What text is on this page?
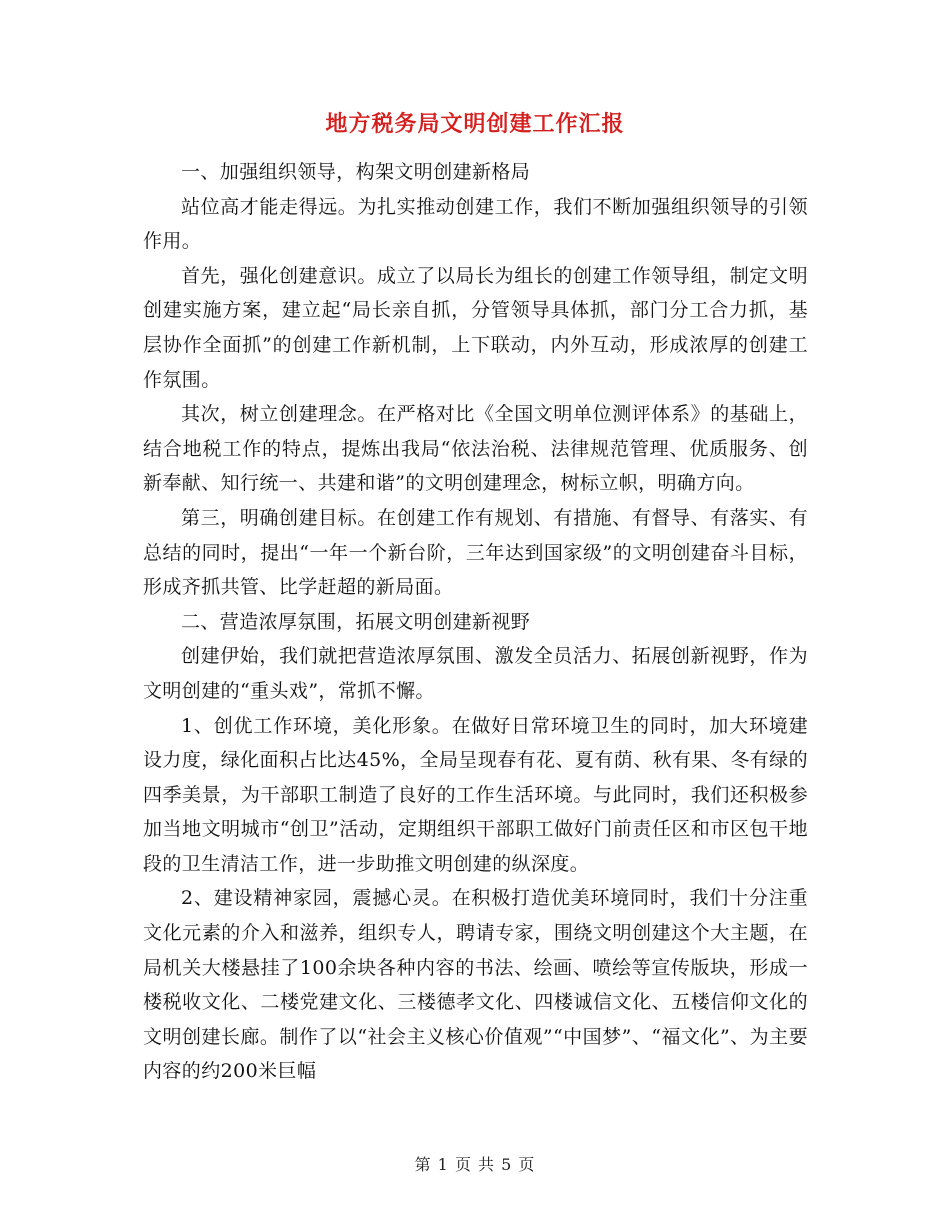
地方税务局文明创建工作汇报

一、加强组织领导，构架文明创建新格局

站位高才能走得远。为扎实推动创建工作，我们不断加强组织领导的引领作用。

首先，强化创建意识。成立了以局长为组长的创建工作领导组，制定文明创建实施方案，建立起“局长亲自抓，分管领导具体抓，部门分工合力抓，基层协作全面抓”的创建工作新机制，上下联动，内外互动，形成浓厚的创建工作氛围。

其次，树立创建理念。在严格对比《全国文明单位测评体系》的基础上，结合地税工作的特点，提炼出我局“依法治税、法律规范管理、优质服务、创新奉献、知行统一、共建和谐”的文明创建理念，树标立帜，明确方向。

第三，明确创建目标。在创建工作有规划、有措施、有督导、有落实、有总结的同时，提出“一年一个新台阶，三年达到国家级”的文明创建奋斗目标，形成齐抓共管、比学赶超的新局面。

二、营造浓厚氛围，拓展文明创建新视野

创建伊始，我们就把营造浓厚氛围、激发全员活力、拓展创新视野，作为文明创建的“重头戏”，常抓不懈。

1、创优工作环境，美化形象。在做好日常环境卫生的同时，加大环境建设力度，绿化面积占比达45%，全局呈现春有花、夏有荫、秋有果、冬有绿的四季美景，为干部职工制造了良好的工作生活环境。与此同时，我们还积极参加当地文明城市“创卫”活动，定期组织干部职工做好门前责任区和市区包干地段的卫生清洁工作，进一步助推文明创建的纵深度。

2、建设精神家园，震撼心灵。在积极打造优美环境同时，我们十分注重文化元素的介入和滋养，组织专人，聘请专家，围绕文明创建这个大主题，在局机关大楼悬挂了100余块各种内容的书法、绘画、喷绘等宣传版块，形成一楼税收文化、二楼党建文化、三楼德孝文化、四楼诚信文化、五楼信仰文化的文明创建长廊。制作了以“社会主义核心价值观”“中国梦”、“福文化”、为主要内容的约200米巨幅

第 1 页 共 5 页
